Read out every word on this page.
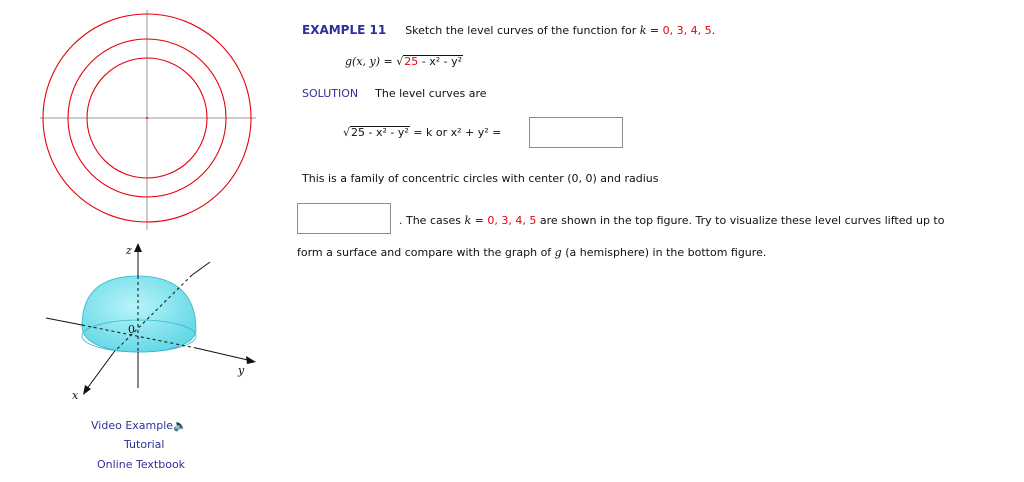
z
x
y
0
Video Example🔈
Tutorial
Online Textbook
EXAMPLE 11 Sketch the level curves of the function for k = 0, 3, 4, 5.
g(x, y) = √25 - x² - y²
SOLUTION The level curves are
√25 - x² - y² = k or x² + y² =
This is a family of concentric circles with center (0, 0) and radius
. The cases k = 0, 3, 4, 5 are shown in the top figure. Try to visualize these level curves lifted up to
form a surface and compare with the graph of g (a hemisphere) in the bottom figure.
